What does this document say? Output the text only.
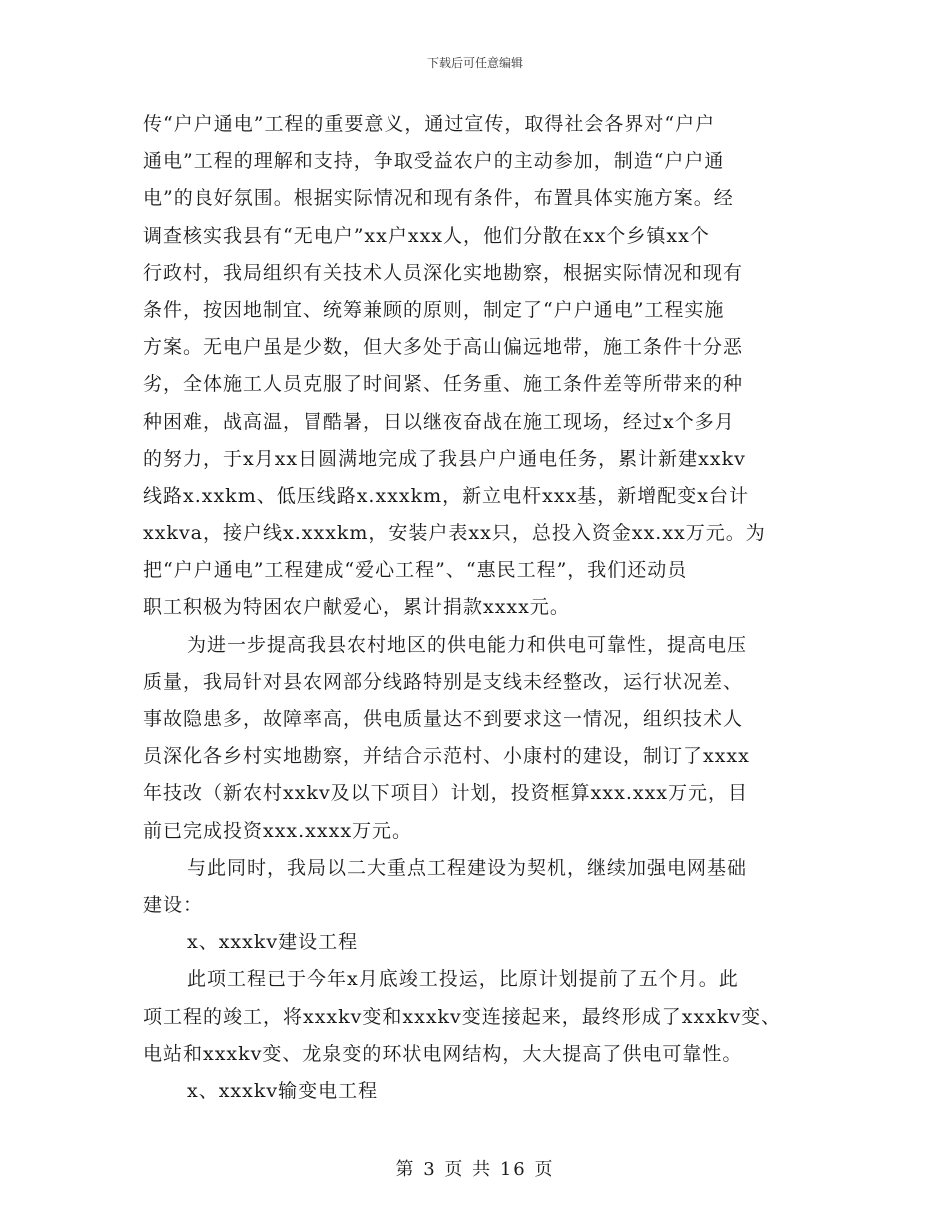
下载后可任意编辑
传“户户通电”工程的重要意义，通过宣传，取得社会各界对“户户
通电”工程的理解和支持，争取受益农户的主动参加，制造“户户通
电”的良好氛围。根据实际情况和现有条件，布置具体实施方案。经
调查核实我县有“无电户”xx户xxx人，他们分散在xx个乡镇xx个
行政村，我局组织有关技术人员深化实地勘察，根据实际情况和现有
条件，按因地制宜、统筹兼顾的原则，制定了“户户通电”工程实施
方案。无电户虽是少数，但大多处于高山偏远地带，施工条件十分恶
劣，全体施工人员克服了时间紧、任务重、施工条件差等所带来的种
种困难，战高温，冒酷暑，日以继夜奋战在施工现场，经过x个多月
的努力，于x月xx日圆满地完成了我县户户通电任务，累计新建xxkv
线路x.xxkm、低压线路x.xxxkm，新立电杆xxx基，新增配变x台计
xxkva，接户线x.xxxkm，安装户表xx只，总投入资金xx.xx万元。为
把“户户通电”工程建成“爱心工程”、“惠民工程”，我们还动员
职工积极为特困农户献爱心，累计捐款xxxx元。
为进一步提高我县农村地区的供电能力和供电可靠性，提高电压
质量，我局针对县农网部分线路特别是支线未经整改，运行状况差、
事故隐患多，故障率高，供电质量达不到要求这一情况，组织技术人
员深化各乡村实地勘察，并结合示范村、小康村的建设，制订了xxxx
年技改（新农村xxkv及以下项目）计划，投资框算xxx.xxx万元，目
前已完成投资xxx.xxxx万元。
与此同时，我局以二大重点工程建设为契机，继续加强电网基础
建设：
x、xxxkv建设工程
此项工程已于今年x月底竣工投运，比原计划提前了五个月。此
项工程的竣工，将xxxkv变和xxxkv变连接起来，最终形成了xxxkv变、
电站和xxxkv变、龙泉变的环状电网结构，大大提高了供电可靠性。
x、xxxkv输变电工程
第 3 页 共 16 页
